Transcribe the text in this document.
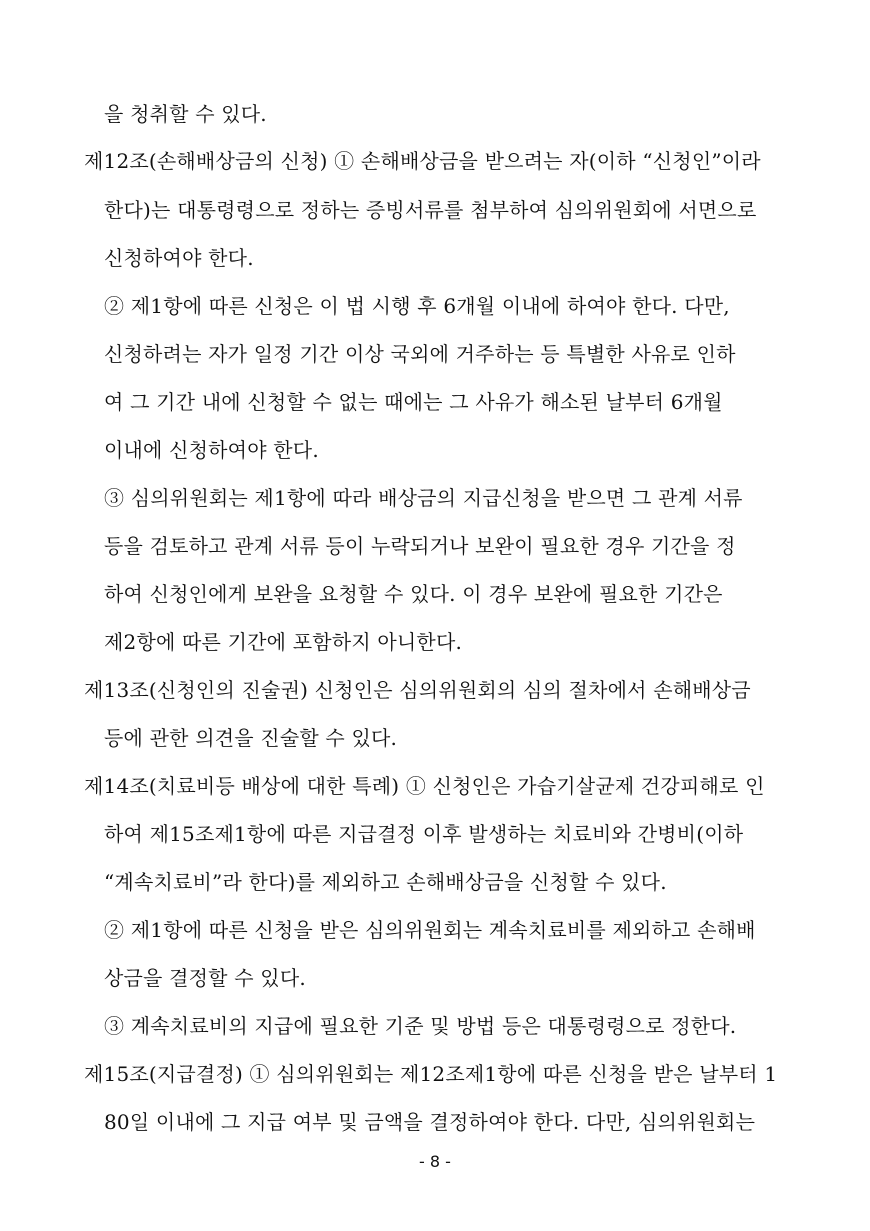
을 청취할 수 있다.
제12조(손해배상금의 신청) ① 손해배상금을 받으려는 자(이하 “신청인”이라
한다)는 대통령령으로 정하는 증빙서류를 첨부하여 심의위원회에 서면으로
신청하여야 한다.
② 제1항에 따른 신청은 이 법 시행 후 6개월 이내에 하여야 한다. 다만,
신청하려는 자가 일정 기간 이상 국외에 거주하는 등 특별한 사유로 인하
여 그 기간 내에 신청할 수 없는 때에는 그 사유가 해소된 날부터 6개월
이내에 신청하여야 한다.
③ 심의위원회는 제1항에 따라 배상금의 지급신청을 받으면 그 관계 서류
등을 검토하고 관계 서류 등이 누락되거나 보완이 필요한 경우 기간을 정
하여 신청인에게 보완을 요청할 수 있다. 이 경우 보완에 필요한 기간은
제2항에 따른 기간에 포함하지 아니한다.
제13조(신청인의 진술권) 신청인은 심의위원회의 심의 절차에서 손해배상금
등에 관한 의견을 진술할 수 있다.
제14조(치료비등 배상에 대한 특례) ① 신청인은 가습기살균제 건강피해로 인
하여 제15조제1항에 따른 지급결정 이후 발생하는 치료비와 간병비(이하
“계속치료비”라 한다)를 제외하고 손해배상금을 신청할 수 있다.
② 제1항에 따른 신청을 받은 심의위원회는 계속치료비를 제외하고 손해배
상금을 결정할 수 있다.
③ 계속치료비의 지급에 필요한 기준 및 방법 등은 대통령령으로 정한다.
제15조(지급결정) ① 심의위원회는 제12조제1항에 따른 신청을 받은 날부터 1
80일 이내에 그 지급 여부 및 금액을 결정하여야 한다. 다만, 심의위원회는
- 8 -
